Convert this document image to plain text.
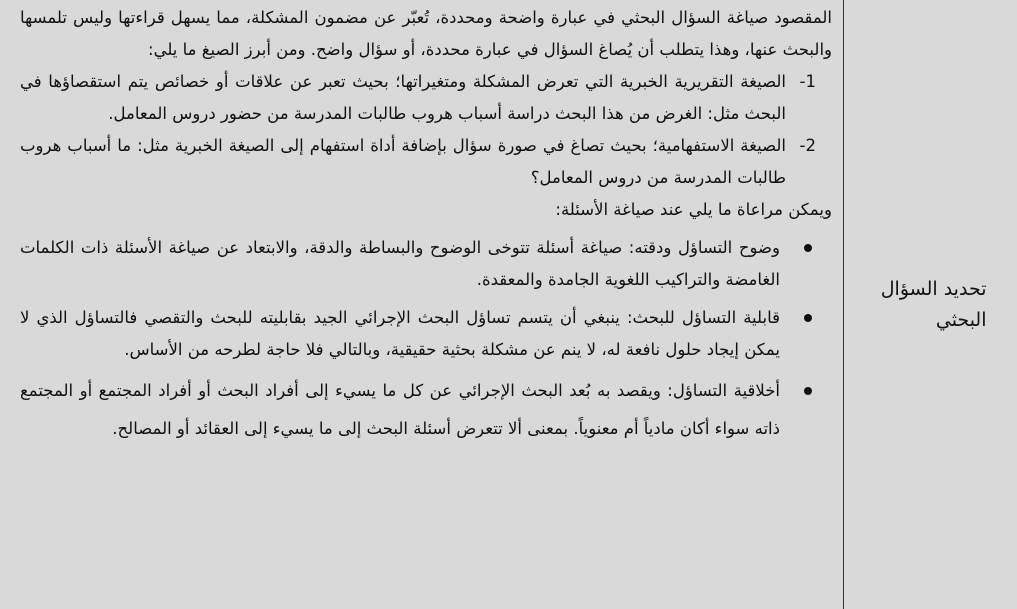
تحديد السؤال البحثي

المقصود صياغة السؤال البحثي في عبارة واضحة ومحددة، تُعبّر عن مضمون المشكلة، مما يسهل قراءتها وليس تلمسها والبحث عنها، وهذا يتطلب أن يُصاغ السؤال في عبارة محددة، أو سؤال واضح. ومن أبرز الصيغ ما يلي:

1-
الصيغة التقريرية الخبرية التي تعرض المشكلة ومتغيراتها؛ بحيث تعبر عن علاقات أو خصائص يتم استقصاؤها في البحث مثل: الغرض من هذا البحث دراسة أسباب هروب طالبات المدرسة من حضور دروس المعامل.
2-
الصيغة الاستفهامية؛ بحيث تصاغ في صورة سؤال بإضافة أداة استفهام إلى الصيغة الخبرية مثل: ما أسباب هروب طالبات المدرسة من دروس المعامل؟

ويمكن مراعاة ما يلي عند صياغة الأسئلة:

وضوح التساؤل ودقته: صياغة أسئلة تتوخى الوضوح والبساطة والدقة، والابتعاد عن صياغة الأسئلة ذات الكلمات الغامضة والتراكيب اللغوية الجامدة والمعقدة.
قابلية التساؤل للبحث: ينبغي أن يتسم تساؤل البحث الإجرائي الجيد بقابليته للبحث والتقصي فالتساؤل الذي لا يمكن إيجاد حلول نافعة له، لا ينم عن مشكلة بحثية حقيقية، وبالتالي فلا حاجة لطرحه من الأساس.
أخلاقية التساؤل: ويقصد به بُعد البحث الإجرائي عن كل ما يسيء إلى أفراد البحث أو أفراد المجتمع أو المجتمع ذاته سواء أكان مادياً أم معنوياً. بمعنى ألا تتعرض أسئلة البحث إلى ما يسيء إلى العقائد أو المصالح.
